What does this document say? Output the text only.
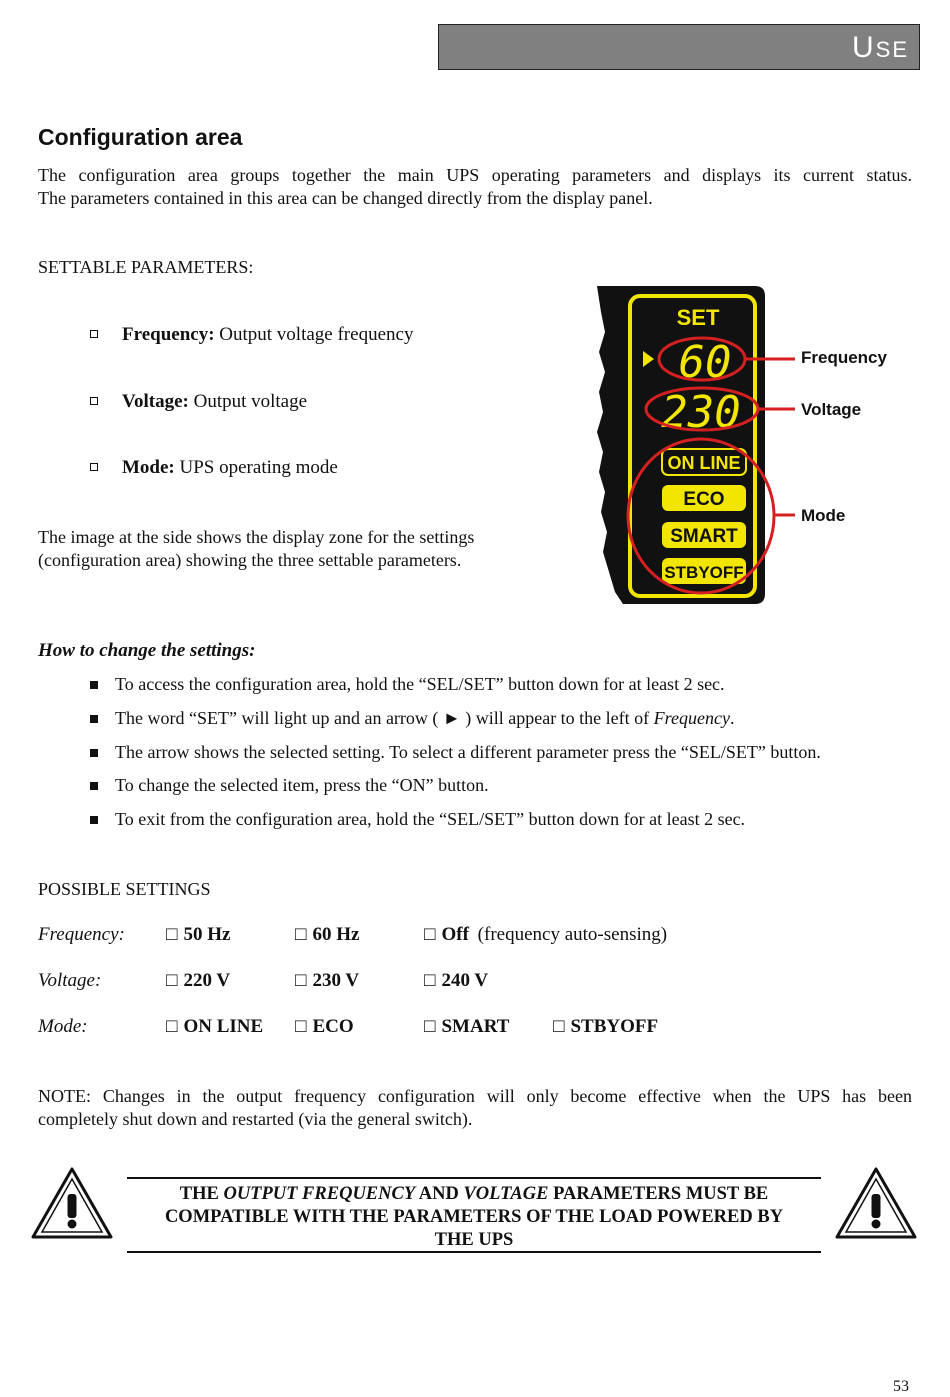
USE
Configuration area
The configuration area groups together the main UPS operating parameters and displays its current status.
The parameters contained in this area can be changed directly from the display panel.
SETTABLE PARAMETERS:
Frequency: Output voltage frequency
Voltage: Output voltage
Mode: UPS operating mode
The image at the side shows the display zone for the settings
(configuration area) showing the three settable parameters.
SET
60
230
ON LINE
ECO
SMART
STBYOFF
Frequency
Voltage
Mode
How to change the settings:
To access the configuration area, hold the “SEL/SET” button down for at least 2 sec.
The word “SET” will light up and an arrow ( ► ) will appear to the left of Frequency.
The arrow shows the selected setting. To select a different parameter press the “SEL/SET” button.
To change the selected item, press the “ON” button.
To exit from the configuration area, hold the “SEL/SET” button down for at least 2 sec.
POSSIBLE SETTINGS
Frequency: □ 50 Hz	□ 60 Hz	□ Off (frequency auto-sensing)
Voltage:	□ 220 V	□ 230 V	□ 240 V
Mode:	□ ON LINE □ ECO	□ SMART □ STBYOFF
NOTE: Changes in the output frequency configuration will only become effective when the UPS has been
completely shut down and restarted (via the general switch).
THE OUTPUT FREQUENCY AND VOLTAGE PARAMETERS MUST BE
COMPATIBLE WITH THE PARAMETERS OF THE LOAD POWERED BY
THE UPS
53
